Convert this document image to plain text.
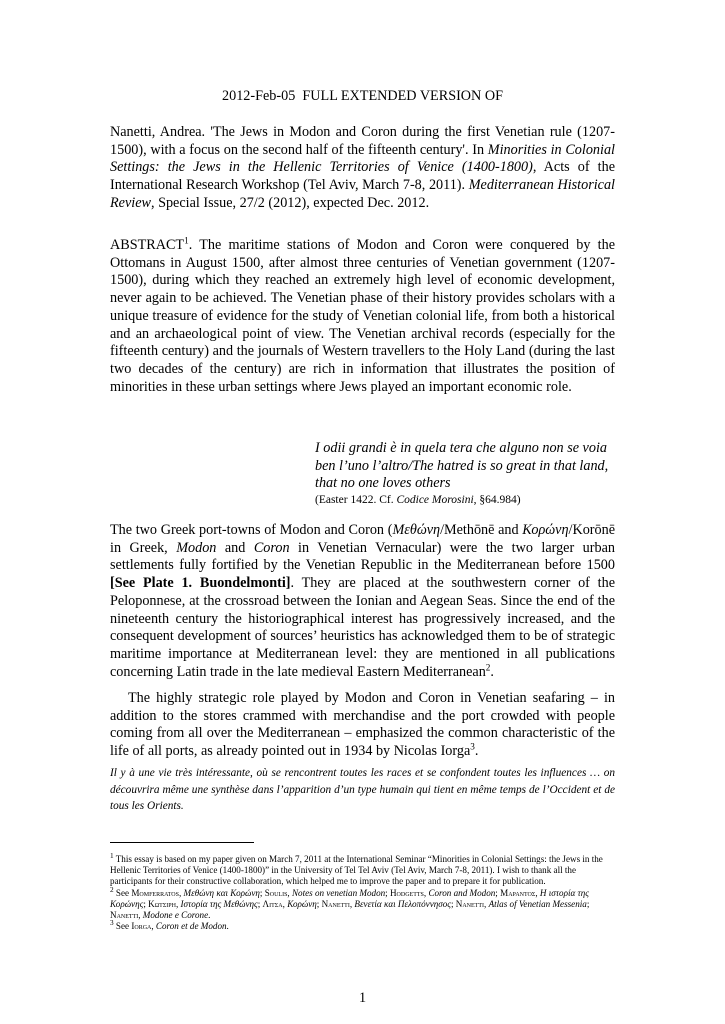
2012-Feb-05  FULL EXTENDED VERSION OF
Nanetti, Andrea. 'The Jews in Modon and Coron during the first Venetian rule (1207-1500), with a focus on the second half of the fifteenth century'. In Minorities in Colonial Settings: the Jews in the Hellenic Territories of Venice (1400-1800), Acts of the International Research Workshop (Tel Aviv, March 7-8, 2011). Mediterranean Historical Review, Special Issue, 27/2 (2012), expected Dec. 2012.
ABSTRACT$^1$. The maritime stations of Modon and Coron were conquered by the Ottomans in August 1500, after almost three centuries of Venetian government (1207-1500), during which they reached an extremely high level of economic development, never again to be achieved. The Venetian phase of their history provides scholars with a unique treasure of evidence for the study of Venetian colonial life, from both a historical and an archaeological point of view. The Venetian archival records (especially for the fifteenth century) and the journals of Western travellers to the Holy Land (during the last two decades of the century) are rich in information that illustrates the position of minorities in these urban settings where Jews played an important economic role.
I odii grandi è in quela tera che alguno non se voia ben l’uno l’altro/The hatred is so great in that land, that no one loves others
(Easter 1422. Cf. Codice Morosini, §64.984)
The two Greek port-towns of Modon and Coron (Μεθώνη/Methōnē and Κορώνη/Korōnē in Greek, Modon and Coron in Venetian Vernacular) were the two larger urban settlements fully fortified by the Venetian Republic in the Mediterranean before 1500 [See Plate 1. Buondelmonti]. They are placed at the southwestern corner of the Peloponnese, at the crossroad between the Ionian and Aegean Seas. Since the end of the nineteenth century the historiographical interest has progressively increased, and the consequent development of sources’ heuristics has acknowledged them to be of strategic maritime importance at Mediterranean level: they are mentioned in all publications concerning Latin trade in the late medieval Eastern Mediterranean$^2$.
The highly strategic role played by Modon and Coron in Venetian seafaring – in addition to the stores crammed with merchandise and the port crowded with people coming from all over the Mediterranean – emphasized the common characteristic of the life of all ports, as already pointed out in 1934 by Nicolas Iorga$^3$.
Il y à une vie très intéressante, où se rencontrent toutes les races et se confondent toutes les influences … on découvrira même une synthèse dans l’apparition d’un type humain qui tient en même temps de l’Occident et de tous les Orients.
$^1$ This essay is based on my paper given on March 7, 2011 at the International Seminar “Minorities in Colonial Settings: the Jews in the Hellenic Territories of Venice (1400-1800)” in the University of Tel Tel Aviv (Tel Aviv, March 7-8, 2011). I wish to thank all the participants for their constructive collaboration, which helped me to improve the paper and to prepare it for publication.
$^2$ See Momferratos, Μεθώνη και Κορώνη; Soulis, Notes on venetian Modon; Hodgetts, Coron and Modon; Μαραντος, Η ιστορία της Κορώνης; Κωτσιρη, Ιστορία της Μεθώνης; Λιτσα, Κορώνη; Nanetti, Βενετία και Πελοπόννησος; Nanetti, Atlas of Venetian Messenia; Nanetti, Modone e Corone.
$^3$ See Iorga, Coron et de Modon.
1
